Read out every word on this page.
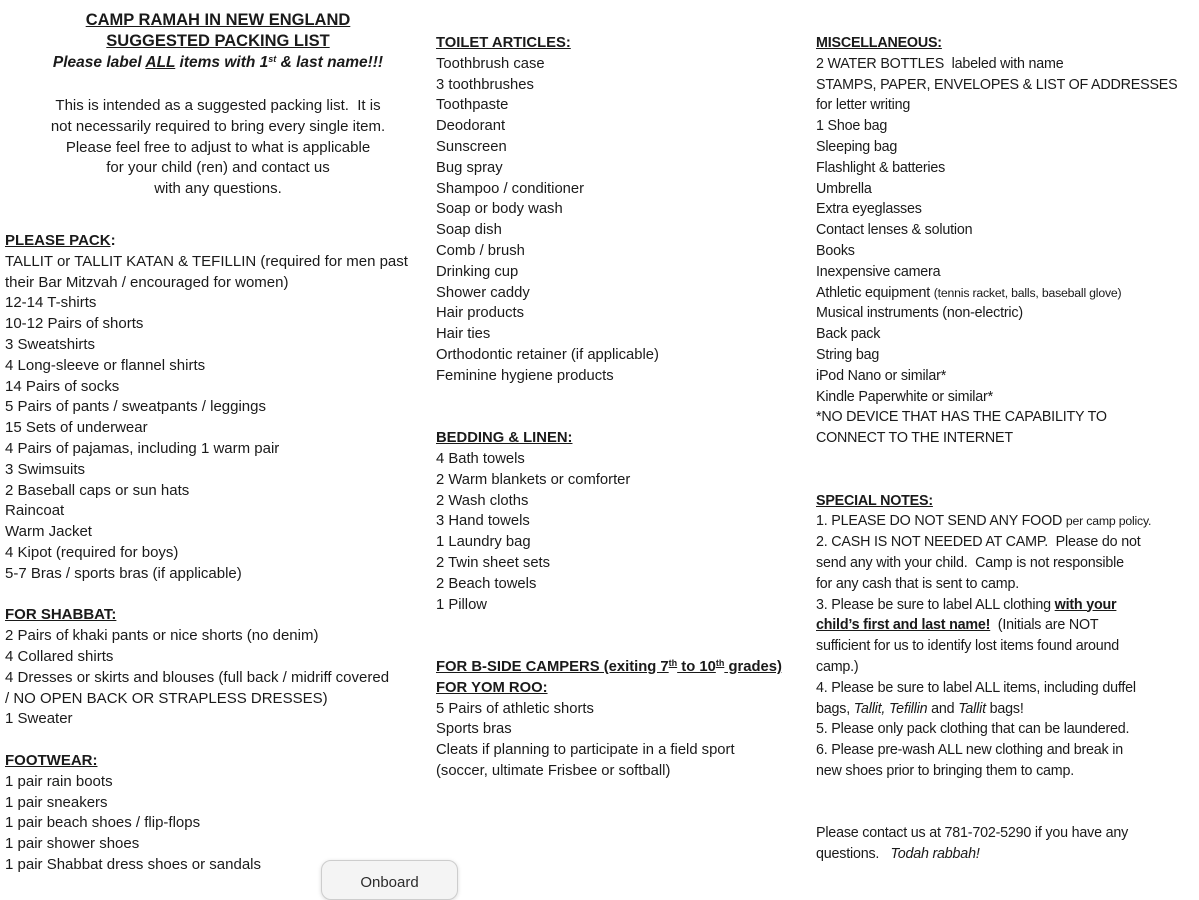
CAMP RAMAH IN NEW ENGLAND
SUGGESTED PACKING LIST
Please label ALL items with 1st & last name!!!
This is intended as a suggested packing list.  It is
not necessarily required to bring every single item.
Please feel free to adjust to what is applicable
for your child (ren) and contact us
with any questions.
PLEASE PACK:
TALLIT or TALLIT KATAN & TEFILLIN (required for men past
their Bar Mitzvah / encouraged for women)
12-14 T-shirts
10-12 Pairs of shorts
3 Sweatshirts
4 Long-sleeve or flannel shirts
14 Pairs of socks
5 Pairs of pants / sweatpants / leggings
15 Sets of underwear
4 Pairs of pajamas, including 1 warm pair
3 Swimsuits
2 Baseball caps or sun hats
Raincoat
Warm Jacket
4 Kipot (required for boys)
5-7 Bras / sports bras (if applicable)
FOR SHABBAT:
2 Pairs of khaki pants or nice shorts (no denim)
4 Collared shirts
4 Dresses or skirts and blouses (full back / midriff covered
/ NO OPEN BACK OR STRAPLESS DRESSES)
1 Sweater
FOOTWEAR:
1 pair rain boots
1 pair sneakers
1 pair beach shoes / flip-flops
1 pair shower shoes
1 pair Shabbat dress shoes or sandals
TOILET ARTICLES:
Toothbrush case
3 toothbrushes
Toothpaste
Deodorant
Sunscreen
Bug spray
Shampoo / conditioner
Soap or body wash
Soap dish
Comb / brush
Drinking cup
Shower caddy
Hair products
Hair ties
Orthodontic retainer (if applicable)
Feminine hygiene products
BEDDING & LINEN:
4 Bath towels
2 Warm blankets or comforter
2 Wash cloths
3 Hand towels
1 Laundry bag
2 Twin sheet sets
2 Beach towels
1 Pillow
FOR B-SIDE CAMPERS (exiting 7th to 10th grades)
FOR YOM ROO:
5 Pairs of athletic shorts
Sports bras
Cleats if planning to participate in a field sport
(soccer, ultimate Frisbee or softball)
MISCELLANEOUS:
2 WATER BOTTLES  labeled with name
STAMPS, PAPER, ENVELOPES & LIST OF ADDRESSES
for letter writing
1 Shoe bag
Sleeping bag
Flashlight & batteries
Umbrella
Extra eyeglasses
Contact lenses & solution
Books
Inexpensive camera
Athletic equipment (tennis racket, balls, baseball glove)
Musical instruments (non-electric)
Back pack
String bag
iPod Nano or similar*
Kindle Paperwhite or similar*
*NO DEVICE THAT HAS THE CAPABILITY TO
CONNECT TO THE INTERNET
SPECIAL NOTES:
1. PLEASE DO NOT SEND ANY FOOD per camp policy.
2. CASH IS NOT NEEDED AT CAMP.  Please do not
send any with your child.  Camp is not responsible
for any cash that is sent to camp.
3. Please be sure to label ALL clothing with your
child’s first and last name!  (Initials are NOT
sufficient for us to identify lost items found around
camp.)
4. Please be sure to label ALL items, including duffel
bags, Tallit, Tefillin and Tallit bags!
5. Please only pack clothing that can be laundered.
6. Please pre-wash ALL new clothing and break in
new shoes prior to bringing them to camp.
Please contact us at 781-702-5290 if you have any
questions.   Todah rabbah!
Onboard
